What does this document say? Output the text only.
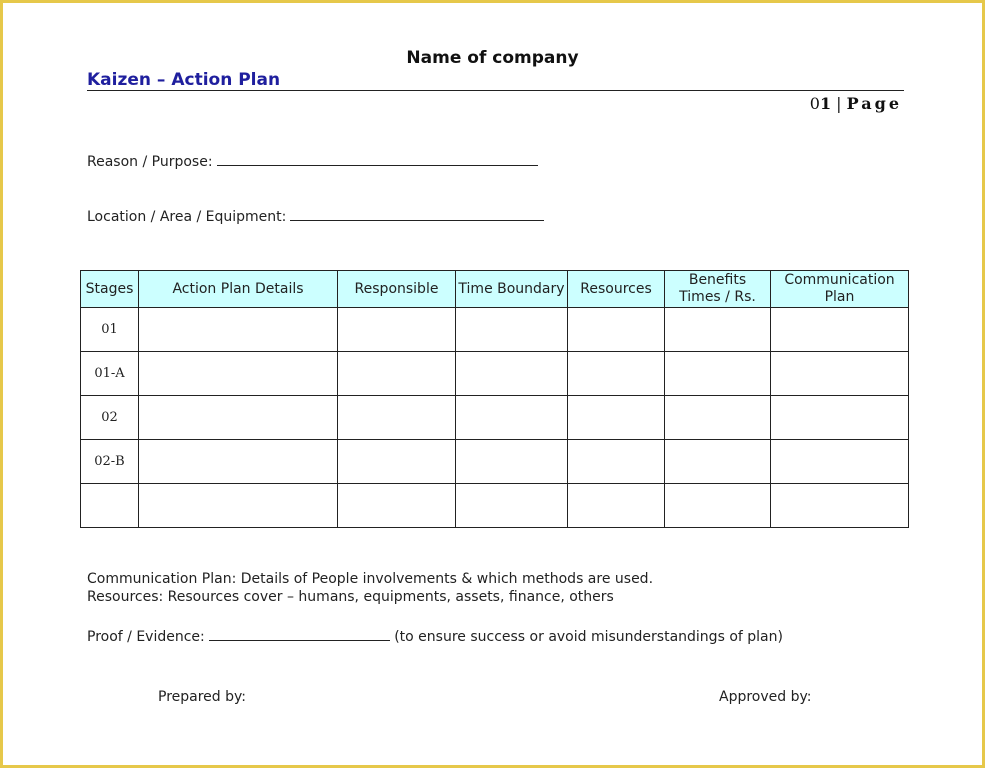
Name of company
Kaizen – Action Plan
01 | Page
Reason / Purpose:
Location / Area / Equipment:
Stages	Action Plan Details	Responsible	Time Boundary	Resources	Benefits Times / Rs.	Communication Plan
01						
01-A						
02						
02-B						

Communication Plan: Details of People involvements & which methods are used.
Resources: Resources cover – humans, equipments, assets, finance, others
Proof / Evidence:	(to ensure success or avoid misunderstandings of plan)
Prepared by:	Approved by:
